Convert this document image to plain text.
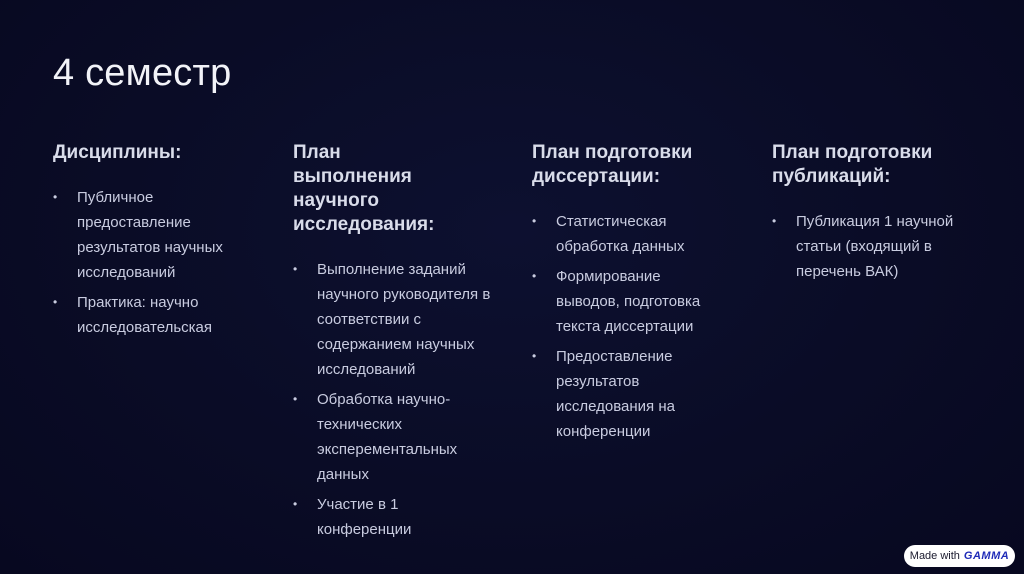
4 семестр
Дисциплины:
• Публичное предоставление результатов научных исследований
• Практика: научно исследовательская
План выполнения научного исследования:
• Выполнение заданий научного руководителя в соответствии с содержанием научных исследований
• Обработка научно-технических эксперементальных данных
• Участие в 1 конференции
План подготовки диссертации:
• Статистическая обработка данных
• Формирование выводов, подготовка текста диссертации
• Предоставление результатов исследования на конференции
План подготовки публикаций:
• Публикация 1 научной статьи (входящий в перечень ВАК)
Made with GAMMA
